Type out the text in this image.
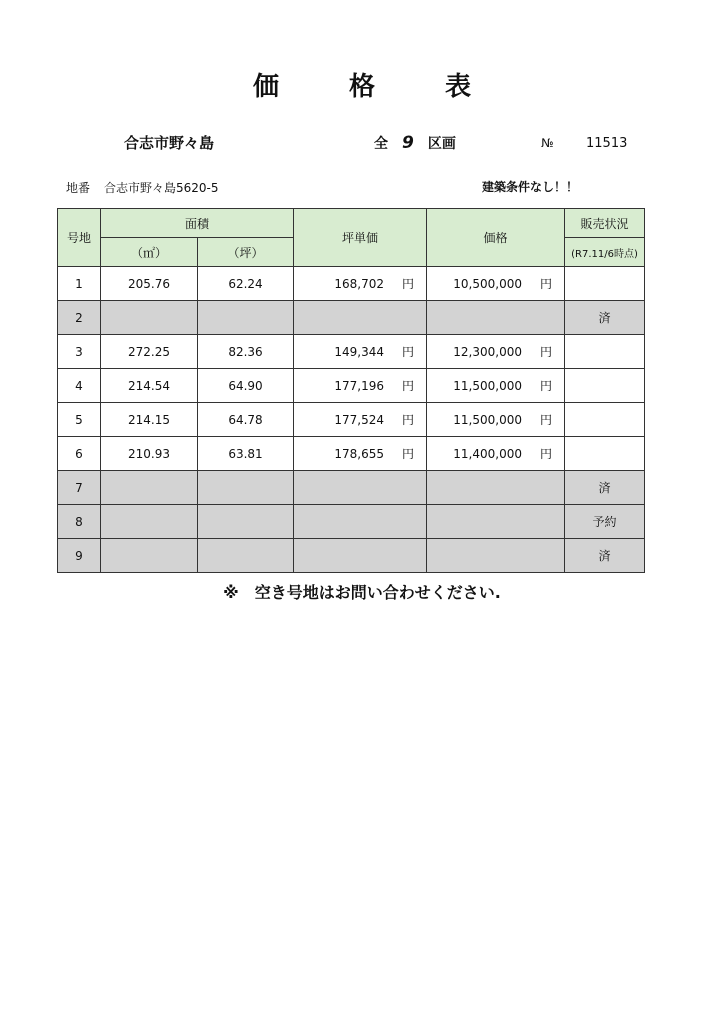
価　格　表
合志市野々島	全 9 区画	№	11513
地番 合志市野々島5620-5	建築条件なし！！
号地	面積		坪単価	価格	販売状況
	（㎡）	（坪）			(R7.11/6時点)
1	205.76	62.24	168,702 円	10,500,000 円	

2					済
3	272.25	82.36	149,344 円	12,300,000 円	

4	214.54	64.90	177,196 円	11,500,000 円	

5	214.15	64.78	177,524 円	11,500,000 円	

6	210.93	63.81	178,655 円	11,400,000 円	

7					済
8					予約
9					済
※　空き号地はお問い合わせください.
